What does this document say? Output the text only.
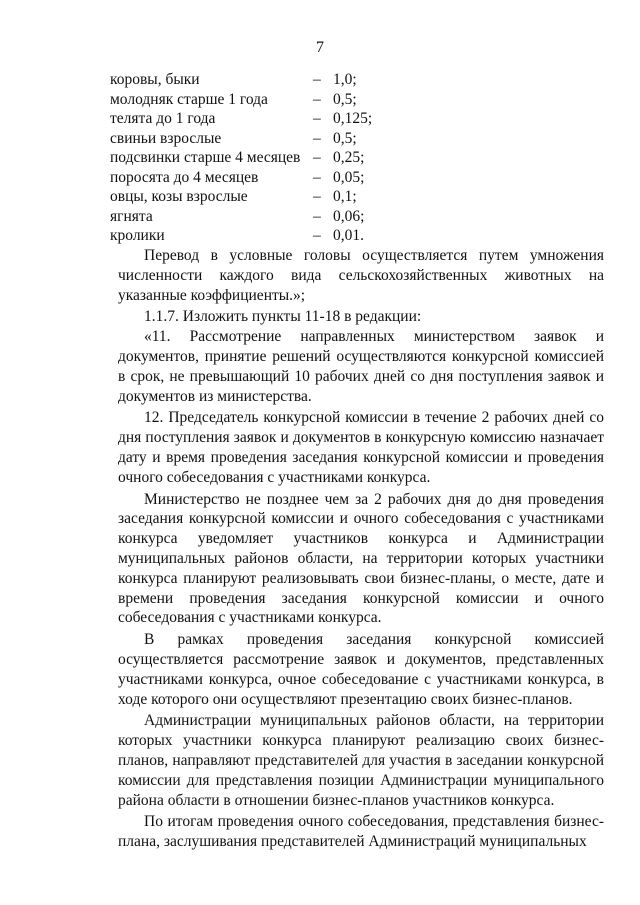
7
коровы, быки	– 1,0;
молодняк старше 1 года	– 0,5;
телята до 1 года	– 0,125;
свиньи взрослые	– 0,5;
подсвинки старше 4 месяцев – 0,25;
поросята до 4 месяцев	– 0,05;
овцы, козы взрослые	– 0,1;
ягнята	– 0,06;
кролики	– 0,01.

Перевод в условные головы осуществляется путем умножения численности каждого вида сельскохозяйственных животных на указанные коэффициенты.»;

1.1.7. Изложить пункты 11-18 в редакции:

«11. Рассмотрение направленных министерством заявок и документов, принятие решений осуществляются конкурсной комиссией в срок, не превышающий 10 рабочих дней со дня поступления заявок и документов из министерства.

12. Председатель конкурсной комиссии в течение 2 рабочих дней со дня поступления заявок и документов в конкурсную комиссию назначает дату и время проведения заседания конкурсной комиссии и проведения очного собеседования с участниками конкурса.

Министерство не позднее чем за 2 рабочих дня до дня проведения заседания конкурсной комиссии и очного собеседования с участниками конкурса уведомляет участников конкурса и Администрации муниципальных районов области, на территории которых участники конкурса планируют реализовывать свои бизнес-планы, о месте, дате и времени проведения заседания конкурсной комиссии и очного собеседования с участниками конкурса.

В рамках проведения заседания конкурсной комиссией осуществляется рассмотрение заявок и документов, представленных участниками конкурса, очное собеседование с участниками конкурса, в ходе которого они осуществляют презентацию своих бизнес-планов.

Администрации муниципальных районов области, на территории которых участники конкурса планируют реализацию своих бизнес-планов, направляют представителей для участия в заседании конкурсной комиссии для представления позиции Администрации муниципального района области в отношении бизнес-планов участников конкурса.

По итогам проведения очного собеседования, представления бизнес-плана, заслушивания представителей Администраций муниципальных
